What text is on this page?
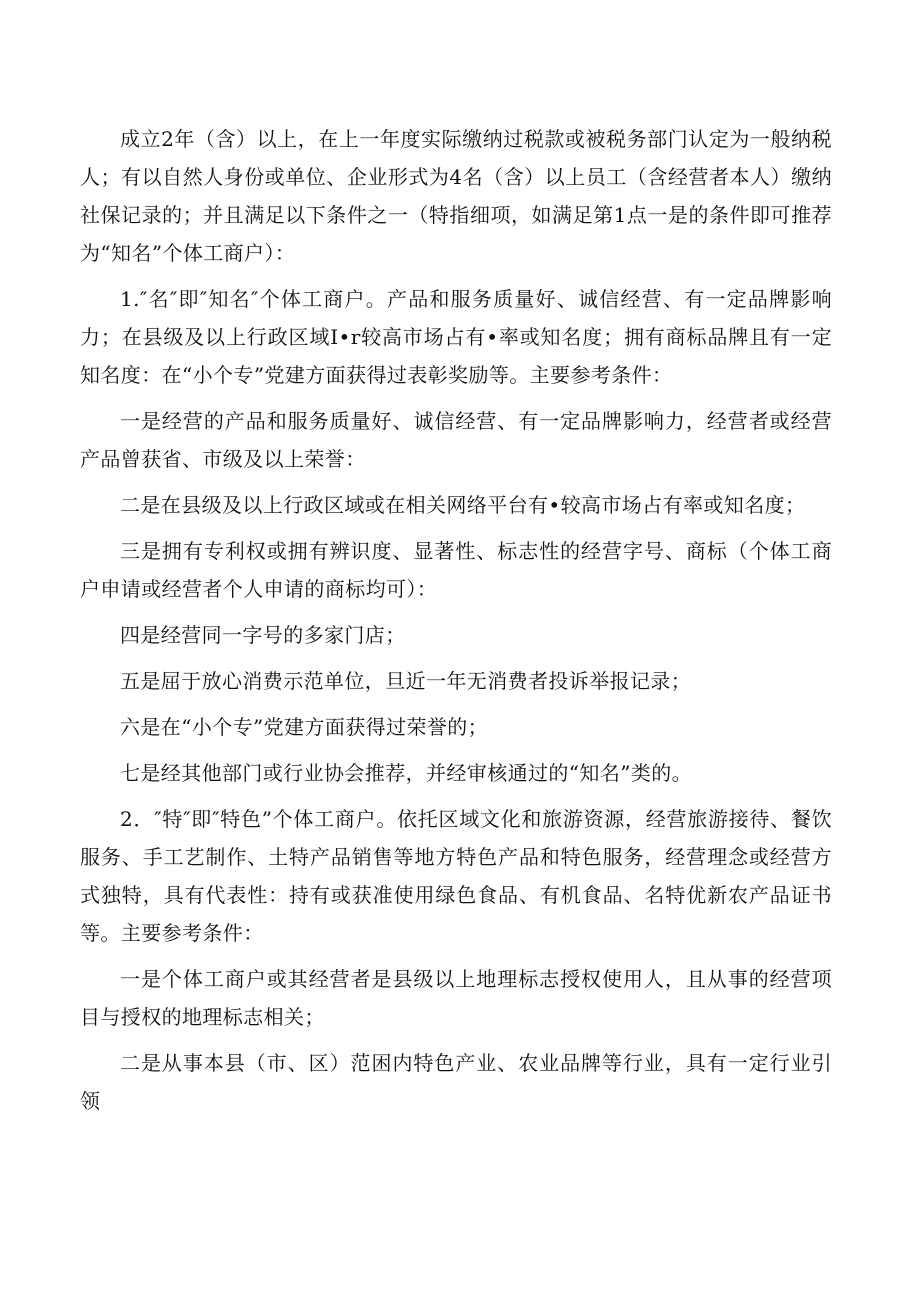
成立2年（含）以上，在上一年度实际缴纳过税款或被税务部门认定为一般纳税人；有以自然人身份或单位、企业形式为4名（含）以上员工（含经营者本人）缴纳社保记录的；并且满足以下条件之一（特指细项，如满足第1点一是的条件即可推荐为“知名”个体工商户）：

1.″名″即″知名″个体工商户。产品和服务质量好、诚信经营、有一定品牌影响力；在县级及以上行政区域I•r较高市场占有•率或知名度；拥有商标品牌且有一定知名度：在“小个专”党建方面获得过表彰奖励等。主要参考条件：

一是经营的产品和服务质量好、诚信经营、有一定品牌影响力，经营者或经营产品曾获省、市级及以上荣誉：

二是在县级及以上行政区域或在相关网络平台有•较高市场占有率或知名度；

三是拥有专利权或拥有辨识度、显著性、标志性的经营字号、商标（个体工商户申请或经营者个人申请的商标均可）：

四是经营同一字号的多家门店；

五是屈于放心消费示范单位，旦近一年无消费者投诉举报记录；

六是在“小个专”党建方面获得过荣誉的；

七是经其他部门或行业协会推荐，并经审核通过的“知名”类的。

2．″特″即″特色”个体工商户。依托区域文化和旅游资源，经营旅游接待、餐饮服务、手工艺制作、土特产品销售等地方特色产品和特色服务，经营理念或经营方式独特，具有代表性：持有或获准使用绿色食品、有机食品、名特优新农产品证书等。主要参考条件：

一是个体工商户或其经营者是县级以上地理标志授权使用人，且从事的经营项目与授权的地理标志相关；

二是从事本县（市、区）范困内特色产业、农业品牌等行业，具有一定行业引领
